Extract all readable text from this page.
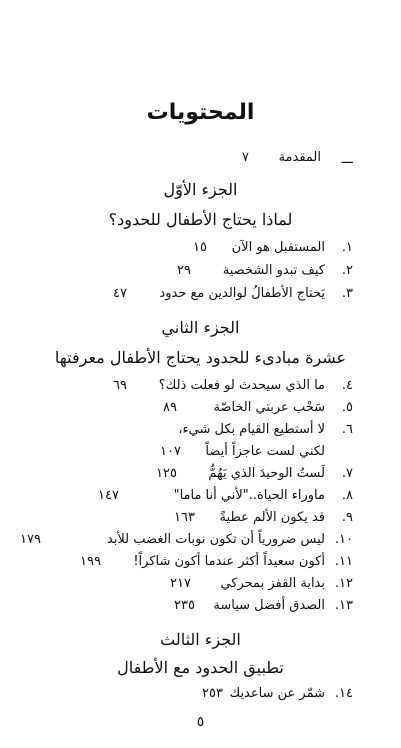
المحتويات
ـــ
المقدمة
٧
الجزء الأوّل
لماذا يحتاج الأطفال للحدود؟
١.
المستقبل هو الآن
١٥
٢.
كيف تبدو الشخصية
٢٩
٣.
يَحتاج الأطفالُ لوالدين مع حدود
٤٧
الجزء الثاني
عشرة مبادىء للحدود يحتاج الأطفال معرفتها
٤.
ما الذي سيحدث لو فعلت ذلك؟
٦٩
٥.
سَحْب عربتي الخاصّة
٨٩
٦.
لا أستطيع القيام بكل شيء،
لكني لست عاجزاً أيضاً
١٠٧
٧.
لَستُ الوحيدَ الذي يَهُمُّ
١٢٥
٨.
ماوراء الحياة.."لأني أنا ماما"
١٤٧
٩.
قد يكون الألم عطيةً
١٦٣
١٠.
ليس ضرورياً أن تكون نوبات الغضب للأبد
١٧٩
١١.
أكون سعيداً أكثر عندما أكون شاكراً!
١٩٩
١٢.
بداية القفز بمحركي
٢١٧
١٣.
الصدق أفضل سياسة
٢٣٥
الجزء الثالث
تطبيق الحدود مع الأطفال
١٤.
شمّر عن ساعديك
٢٥٣
٥
